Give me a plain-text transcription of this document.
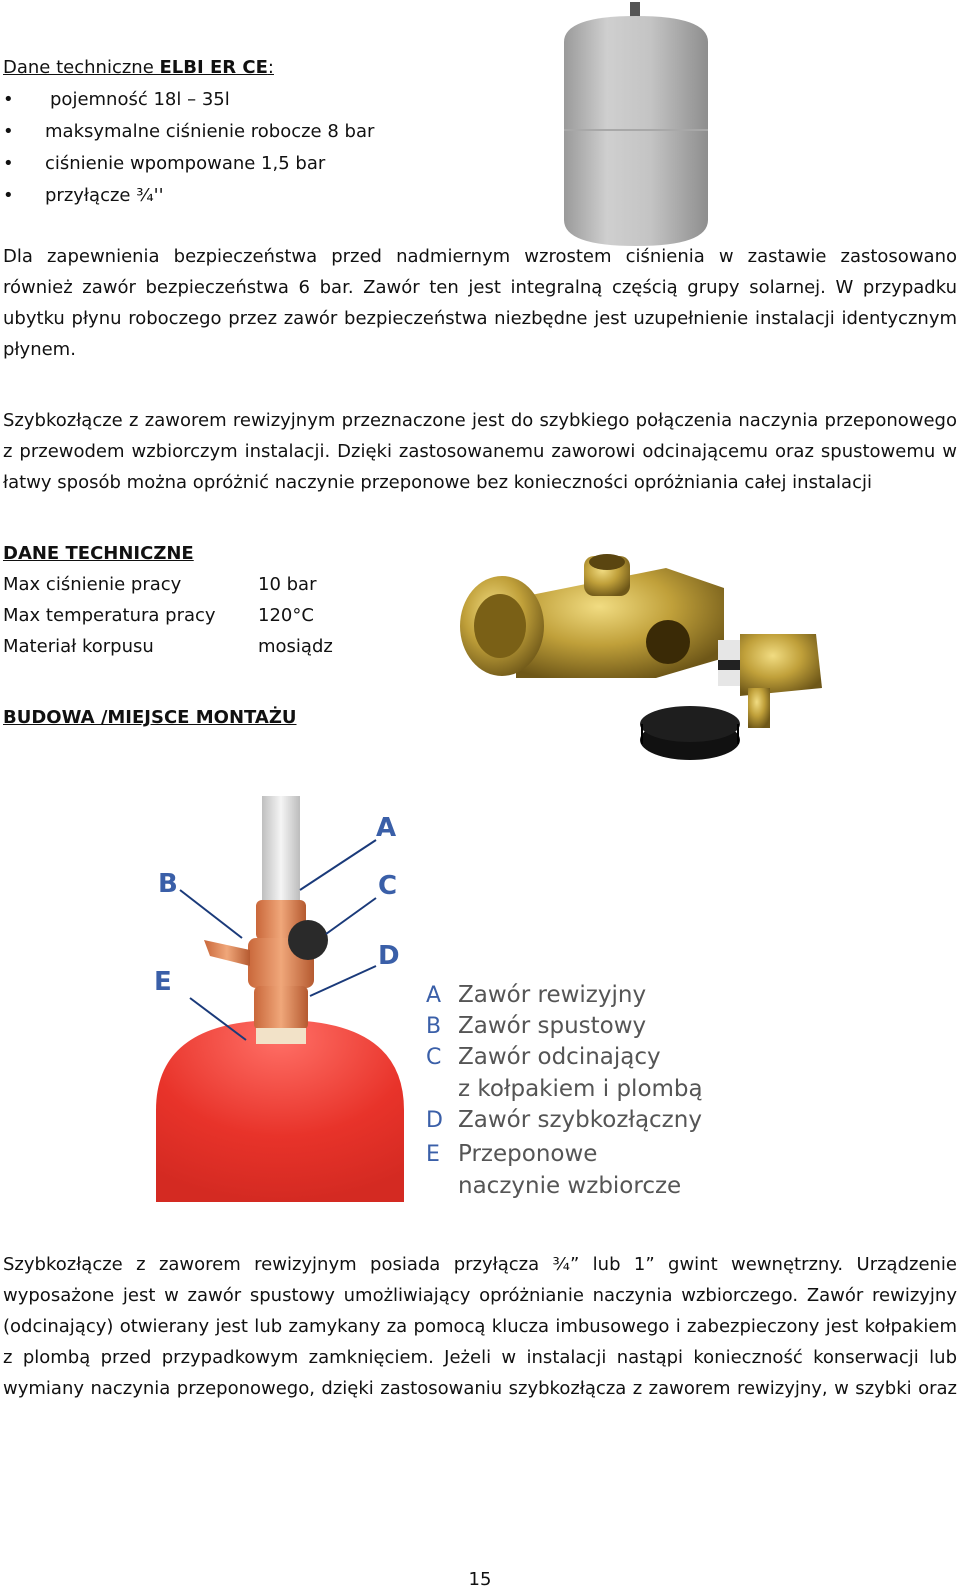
Dane techniczne ELBI ER CE:
• pojemność 18l – 35l
• maksymalne ciśnienie robocze 8 bar
• ciśnienie wpompowane 1,5 bar
• przyłącze ¾''
Dla zapewnienia bezpieczeństwa przed nadmiernym wzrostem ciśnienia w zastawie zastosowano
również zawór bezpieczeństwa 6 bar. Zawór ten jest integralną częścią grupy solarnej. W przypadku
ubytku płynu roboczego przez zawór bezpieczeństwa niezbędne jest uzupełnienie instalacji identycznym
płynem.
Szybkozłącze z zaworem rewizyjnym przeznaczone jest do szybkiego połączenia naczynia przeponowego
z przewodem wzbiorczym instalacji. Dzięki zastosowanemu zaworowi odcinającemu oraz spustowemu w
łatwy sposób można opróżnić naczynie przeponowe bez konieczności opróżniania całej instalacji
DANE TECHNICZNE
Max ciśnienie pracy	10 bar
Max temperatura pracy 120°C
Materiał korpusu	mosiądz
BUDOWA /MIEJSCE MONTAŻU
A
B	C
D
E	A Zawór rewizyjny
B Zawór spustowy
C Zawór odcinający
z kołpakiem i plombą
D Zawór szybkozłączny
E Przeponowe
naczynie wzbiorcze
Szybkozłącze z zaworem rewizyjnym posiada przyłącza ¾” lub 1” gwint wewnętrzny. Urządzenie
wyposażone jest w zawór spustowy umożliwiający opróżnianie naczynia wzbiorczego. Zawór rewizyjny
(odcinający) otwierany jest lub zamykany za pomocą klucza imbusowego i zabezpieczony jest kołpakiem
z plombą przed przypadkowym zamknięciem. Jeżeli w instalacji nastąpi konieczność konserwacji lub
wymiany naczynia przeponowego, dzięki zastosowaniu szybkozłącza z zaworem rewizyjny, w szybki oraz
15
